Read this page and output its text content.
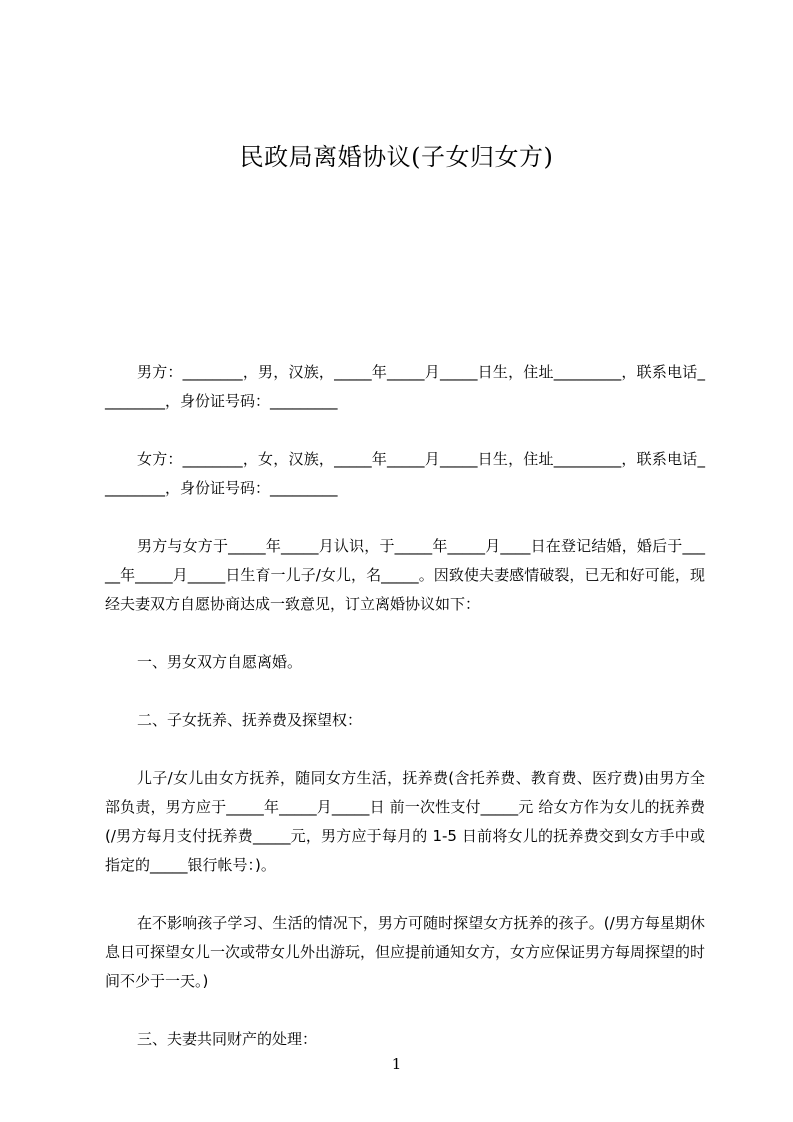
民政局离婚协议(子女归女方)

男方：________，男，汉族，_____年_____月_____日生，住址_________，联系电话_________，身份证号码：_________

女方：________，女，汉族，_____年_____月_____日生，住址_________，联系电话_________，身份证号码：_________

男方与女方于_____年_____月认识，于_____年_____月____日在登记结婚，婚后于_____年_____月_____日生育一儿子/女儿，名_____。因致使夫妻感情破裂，已无和好可能，现经夫妻双方自愿协商达成一致意见，订立离婚协议如下：

一、男女双方自愿离婚。

二、子女抚养、抚养费及探望权：

儿子/女儿由女方抚养，随同女方生活，抚养费(含托养费、教育费、医疗费)由男方全部负责，男方应于_____年_____月_____日 前一次性支付_____元 给女方作为女儿的抚养费(/男方每月支付抚养费_____元，男方应于每月的 1-5 日前将女儿的抚养费交到女方手中或指定的_____银行帐号：)。

在不影响孩子学习、生活的情况下，男方可随时探望女方抚养的孩子。(/男方每星期休息日可探望女儿一次或带女儿外出游玩，但应提前通知女方，女方应保证男方每周探望的时间不少于一天。)

三、夫妻共同财产的处理：

1
